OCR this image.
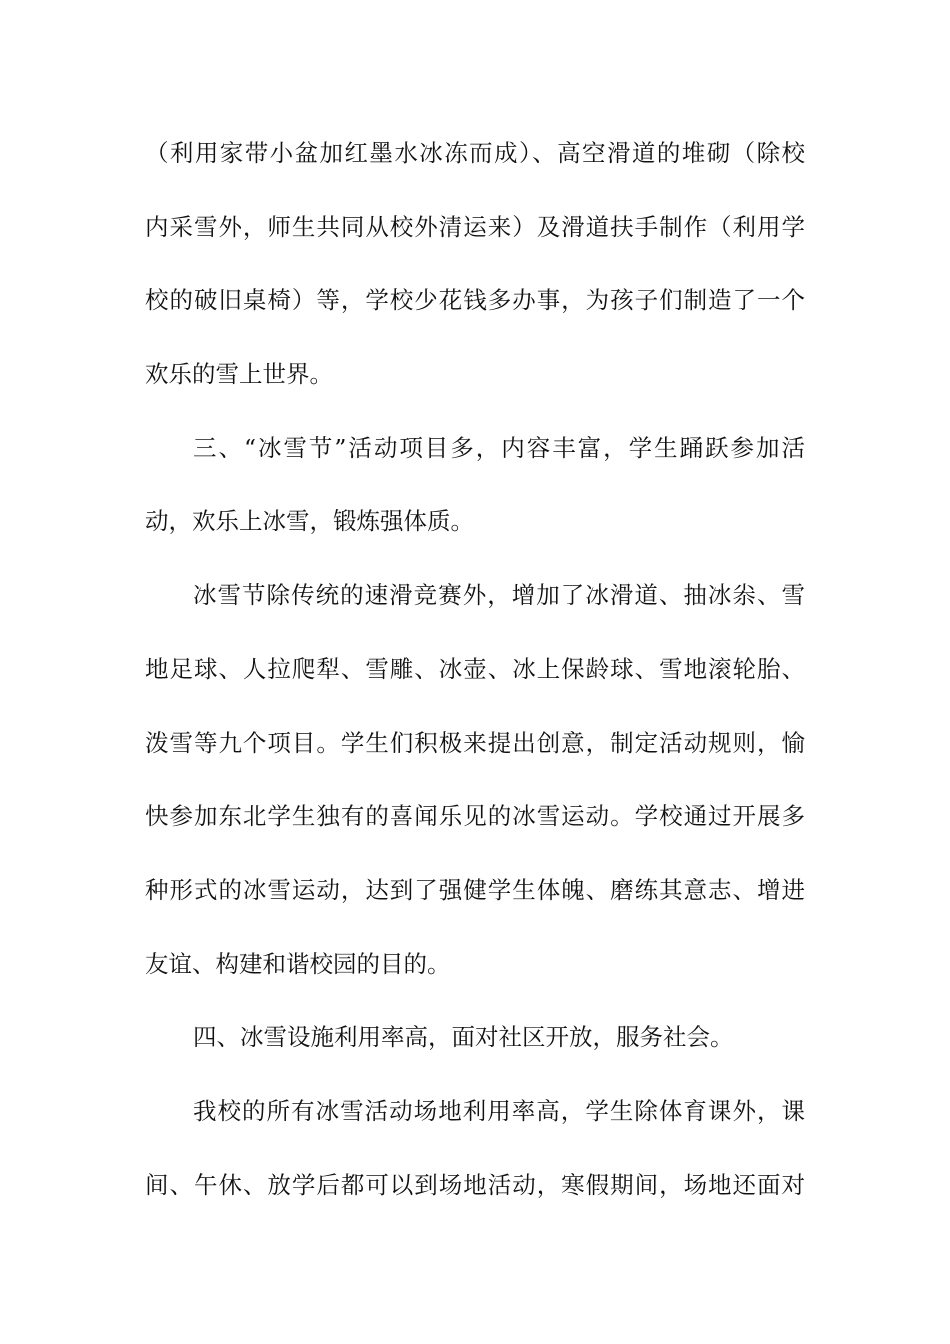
（利用家带小盆加红墨水冰冻而成）、高空滑道的堆砌（除校
内采雪外，师生共同从校外清运来）及滑道扶手制作（利用学
校的破旧桌椅）等，学校少花钱多办事，为孩子们制造了一个
欢乐的雪上世界。
三、“冰雪节”活动项目多，内容丰富，学生踊跃参加活
动，欢乐上冰雪，锻炼强体质。
冰雪节除传统的速滑竞赛外，增加了冰滑道、抽冰尜、雪
地足球、人拉爬犁、雪雕、冰壶、冰上保龄球、雪地滚轮胎、
泼雪等九个项目。学生们积极来提出创意，制定活动规则，愉
快参加东北学生独有的喜闻乐见的冰雪运动。学校通过开展多
种形式的冰雪运动，达到了强健学生体魄、磨练其意志、增进
友谊、构建和谐校园的目的。
四、冰雪设施利用率高，面对社区开放，服务社会。
我校的所有冰雪活动场地利用率高，学生除体育课外，课
间、午休、放学后都可以到场地活动，寒假期间，场地还面对
